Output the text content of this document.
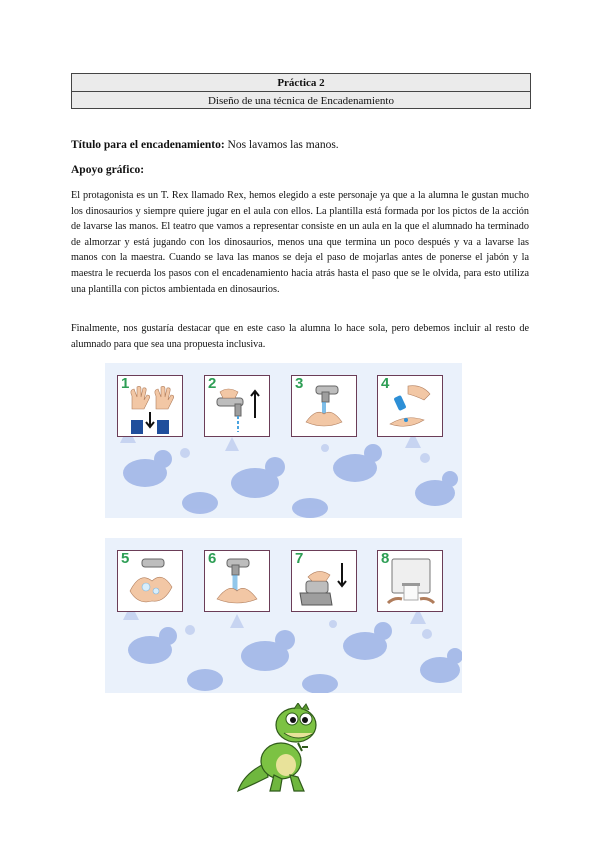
Práctica 2
Diseño de una técnica de Encadenamiento
Título para el encadenamiento: Nos lavamos las manos.
Apoyo gráfico:
El protagonista es un T. Rex llamado Rex, hemos elegido a este personaje ya que a la alumna le gustan mucho los dinosaurios y siempre quiere jugar en el aula con ellos. La plantilla está formada por los pictos de la acción de lavarse las manos. El teatro que vamos a representar consiste en un aula en la que el alumnado ha terminado de almorzar y está jugando con los dinosaurios, menos una que termina un poco después y va a lavarse las manos con la maestra. Cuando se lava las manos se deja el paso de mojarlas antes de ponerse el jabón y la maestra le recuerda los pasos con el encadenamiento hacia atrás hasta el paso que se le olvida, para esto utiliza una plantilla con pictos ambientada en dinosaurios.
Finalmente, nos gustaría destacar que en este caso la alumna lo hace sola, pero debemos incluir al resto de alumnado para que sea una propuesta inclusiva.
1	2	3	4
5	6	7	8
